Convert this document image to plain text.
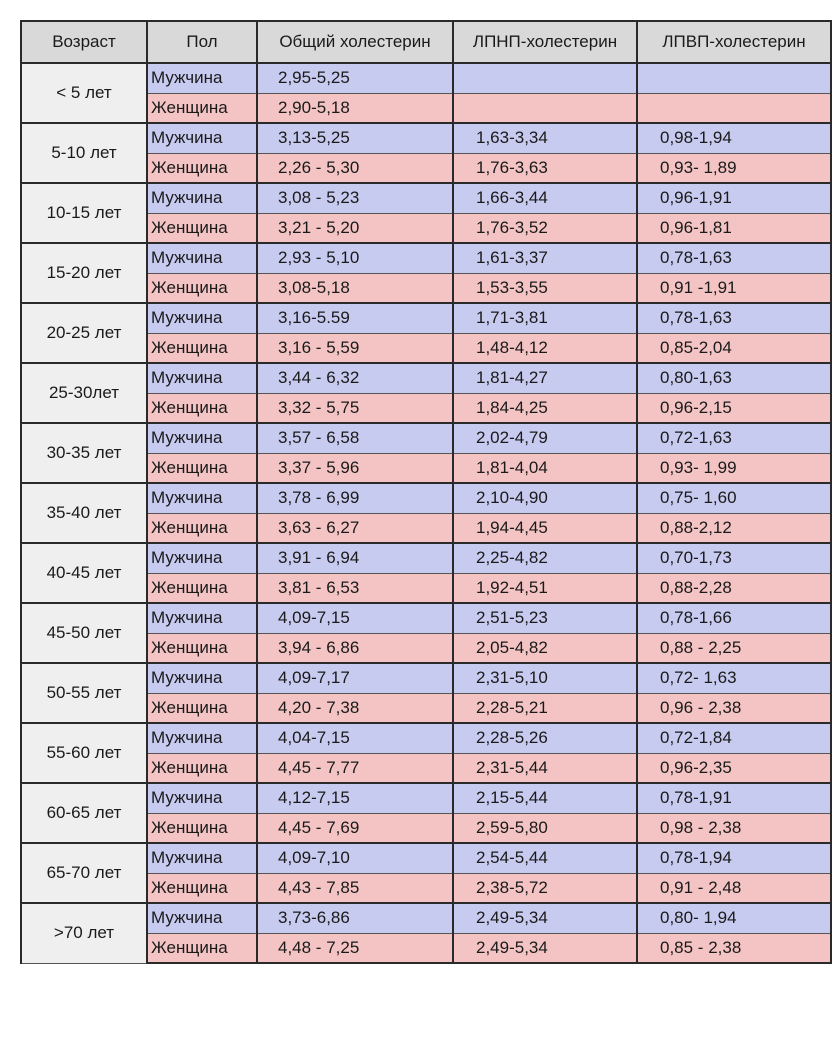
Возраст	Пол	Общий холестерин	ЛПНП-холестерин	ЛПВП-холестерин
< 5 лет	Мужчина	2,95-5,25		
	Женщина	2,90-5,18		
5-10 лет	Мужчина	3,13-5,25	1,63-3,34	0,98-1,94
	Женщина	2,26 - 5,30	1,76-3,63	0,93- 1,89
10-15 лет	Мужчина	3,08 - 5,23	1,66-3,44	0,96-1,91
	Женщина	3,21 - 5,20	1,76-3,52	0,96-1,81
15-20 лет	Мужчина	2,93 - 5,10	1,61-3,37	0,78-1,63
	Женщина	3,08-5,18	1,53-3,55	0,91 -1,91
20-25 лет	Мужчина	3,16-5.59	1,71-3,81	0,78-1,63
	Женщина	3,16 - 5,59	1,48-4,12	0,85-2,04
25-30лет	Мужчина	3,44 - 6,32	1,81-4,27	0,80-1,63
	Женщина	3,32 - 5,75	1,84-4,25	0,96-2,15
30-35 лет	Мужчина	3,57 - 6,58	2,02-4,79	0,72-1,63
	Женщина	3,37 - 5,96	1,81-4,04	0,93- 1,99
35-40 лет	Мужчина	3,78 - 6,99	2,10-4,90	0,75- 1,60
	Женщина	3,63 - 6,27	1,94-4,45	0,88-2,12
40-45 лет	Мужчина	3,91 - 6,94	2,25-4,82	0,70-1,73
	Женщина	3,81 - 6,53	1,92-4,51	0,88-2,28
45-50 лет	Мужчина	4,09-7,15	2,51-5,23	0,78-1,66
	Женщина	3,94 - 6,86	2,05-4,82	0,88 - 2,25
50-55 лет	Мужчина	4,09-7,17	2,31-5,10	0,72- 1,63
	Женщина	4,20 - 7,38	2,28-5,21	0,96 - 2,38
55-60 лет	Мужчина	4,04-7,15	2,28-5,26	0,72-1,84
	Женщина	4,45 - 7,77	2,31-5,44	0,96-2,35
60-65 лет	Мужчина	4,12-7,15	2,15-5,44	0,78-1,91
	Женщина	4,45 - 7,69	2,59-5,80	0,98 - 2,38
65-70 лет	Мужчина	4,09-7,10	2,54-5,44	0,78-1,94
	Женщина	4,43 - 7,85	2,38-5,72	0,91 - 2,48
>70 лет	Мужчина	3,73-6,86	2,49-5,34	0,80- 1,94
	Женщина	4,48 - 7,25	2,49-5,34	0,85 - 2,38
